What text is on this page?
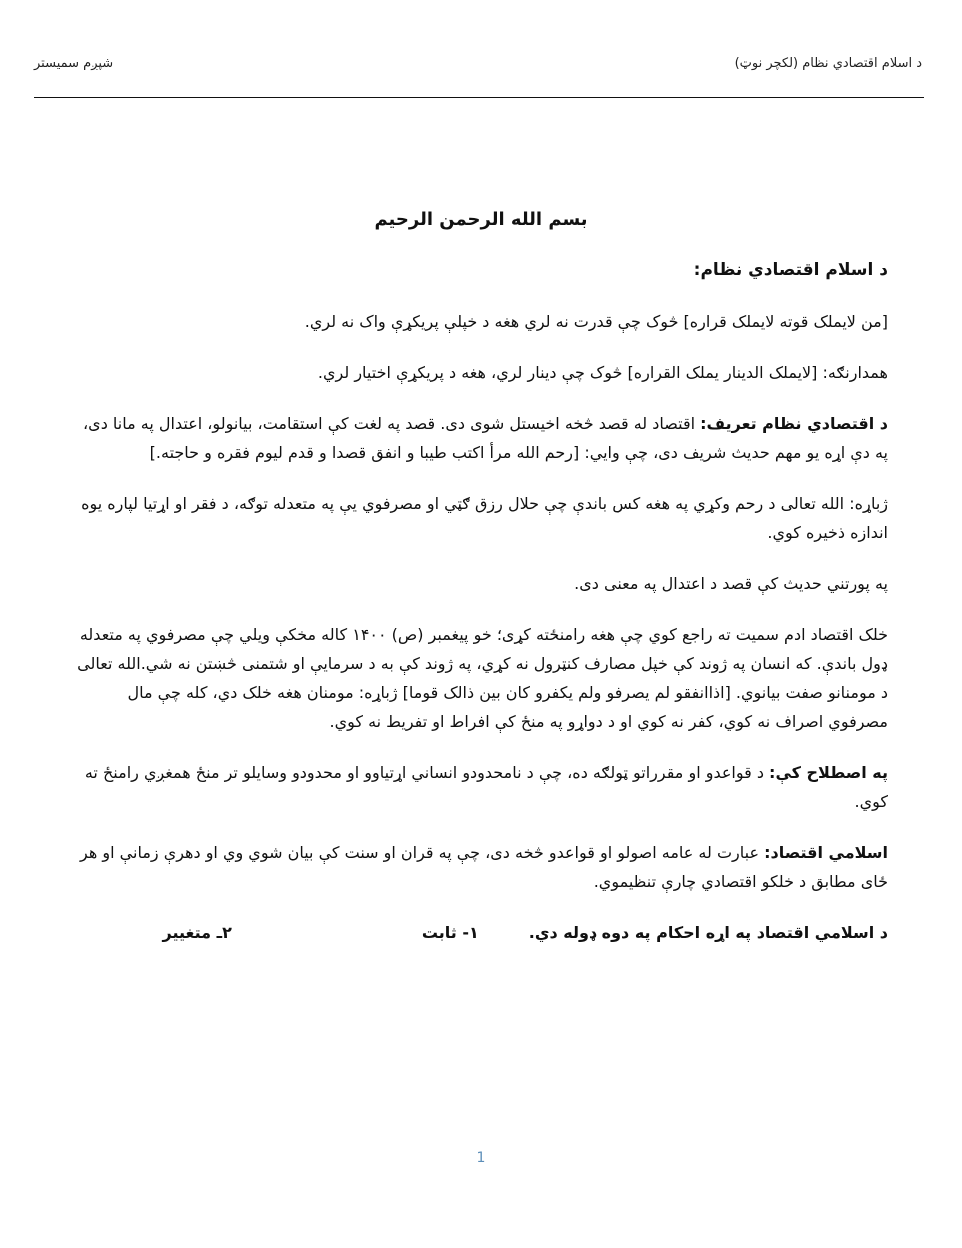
د اسلام اقتصادي نظام (لکچر نوټ)
شپږم سمیستر
بسم الله الرحمن الرحیم
د اسلام اقتصادي نظام:

[من لایملک قوته لایملک قراره] څوک چې قدرت نه لري هغه د خپلې پریکړې واک نه لري.

همدارنګه: [لایملک الدینار یملک القراره] څوک چې دینار لري، هغه د پریکړې اختیار لري.

د اقتصادي نظام تعریف: اقتصاد له قصد څخه اخیستل شوی دی. قصد په لغت کې استقامت، بیانولو، اعتدال په مانا دی، په دې اړه یو مهم حدیث شریف دی، چې وایي: [رحم الله مرأ اکتب طیبا و انفق قصدا و قدم لیوم فقره و حاجته.]

ژباړه: الله تعالی د رحم وکړي په هغه کس باندې چې حلال رزق ګټي او مصرفوي يې په متعدله توګه، د فقر او اړتیا لپاره یوه اندازه ذخیره کوي.

په پورتني حدیث کې قصد د اعتدال په معنی دی.

خلک اقتصاد ادم سمیت ته راجع کوي چې هغه رامنځته کړی؛ خو پیغمبر (ص) ۱۴۰۰ کاله مخکې ویلي چې مصرفوي په متعدله ډول باندې. که انسان په ژوند کې خپل مصارف کنټرول نه کړي، په ژوند کې به د سرمایې او شتمنی څښتن نه شي.الله تعالی د مومنانو صفت بیانوي. [اذاانفقو لم یصرفو ولم یکفرو کان بین ذالک قوما] ژباړه: مومنان هغه خلک دي، کله چې مال مصرفوي اصراف نه کوي، کفر نه کوي او د دواړو په منځ کې افراط او تفریط نه کوي.

په اصطلاح کې: د قواعدو او مقرراتو ټولګه ده، چې د نامحدودو انساني اړتیاوو او محدودو وسایلو تر منځ همغږي رامنځ ته کوي.

اسلامي اقتصاد: عبارت له عامه اصولو او قواعدو څخه دی، چې په قران او سنت کې بیان شوي وي او دهرې زمانې او هر ځای مطابق د خلکو اقتصادي چارې تنظیموي.

د اسلامي اقتصاد په اړه احکام په دوه ډوله دي.
۱- ثابت
۲ـ متغییر
1
